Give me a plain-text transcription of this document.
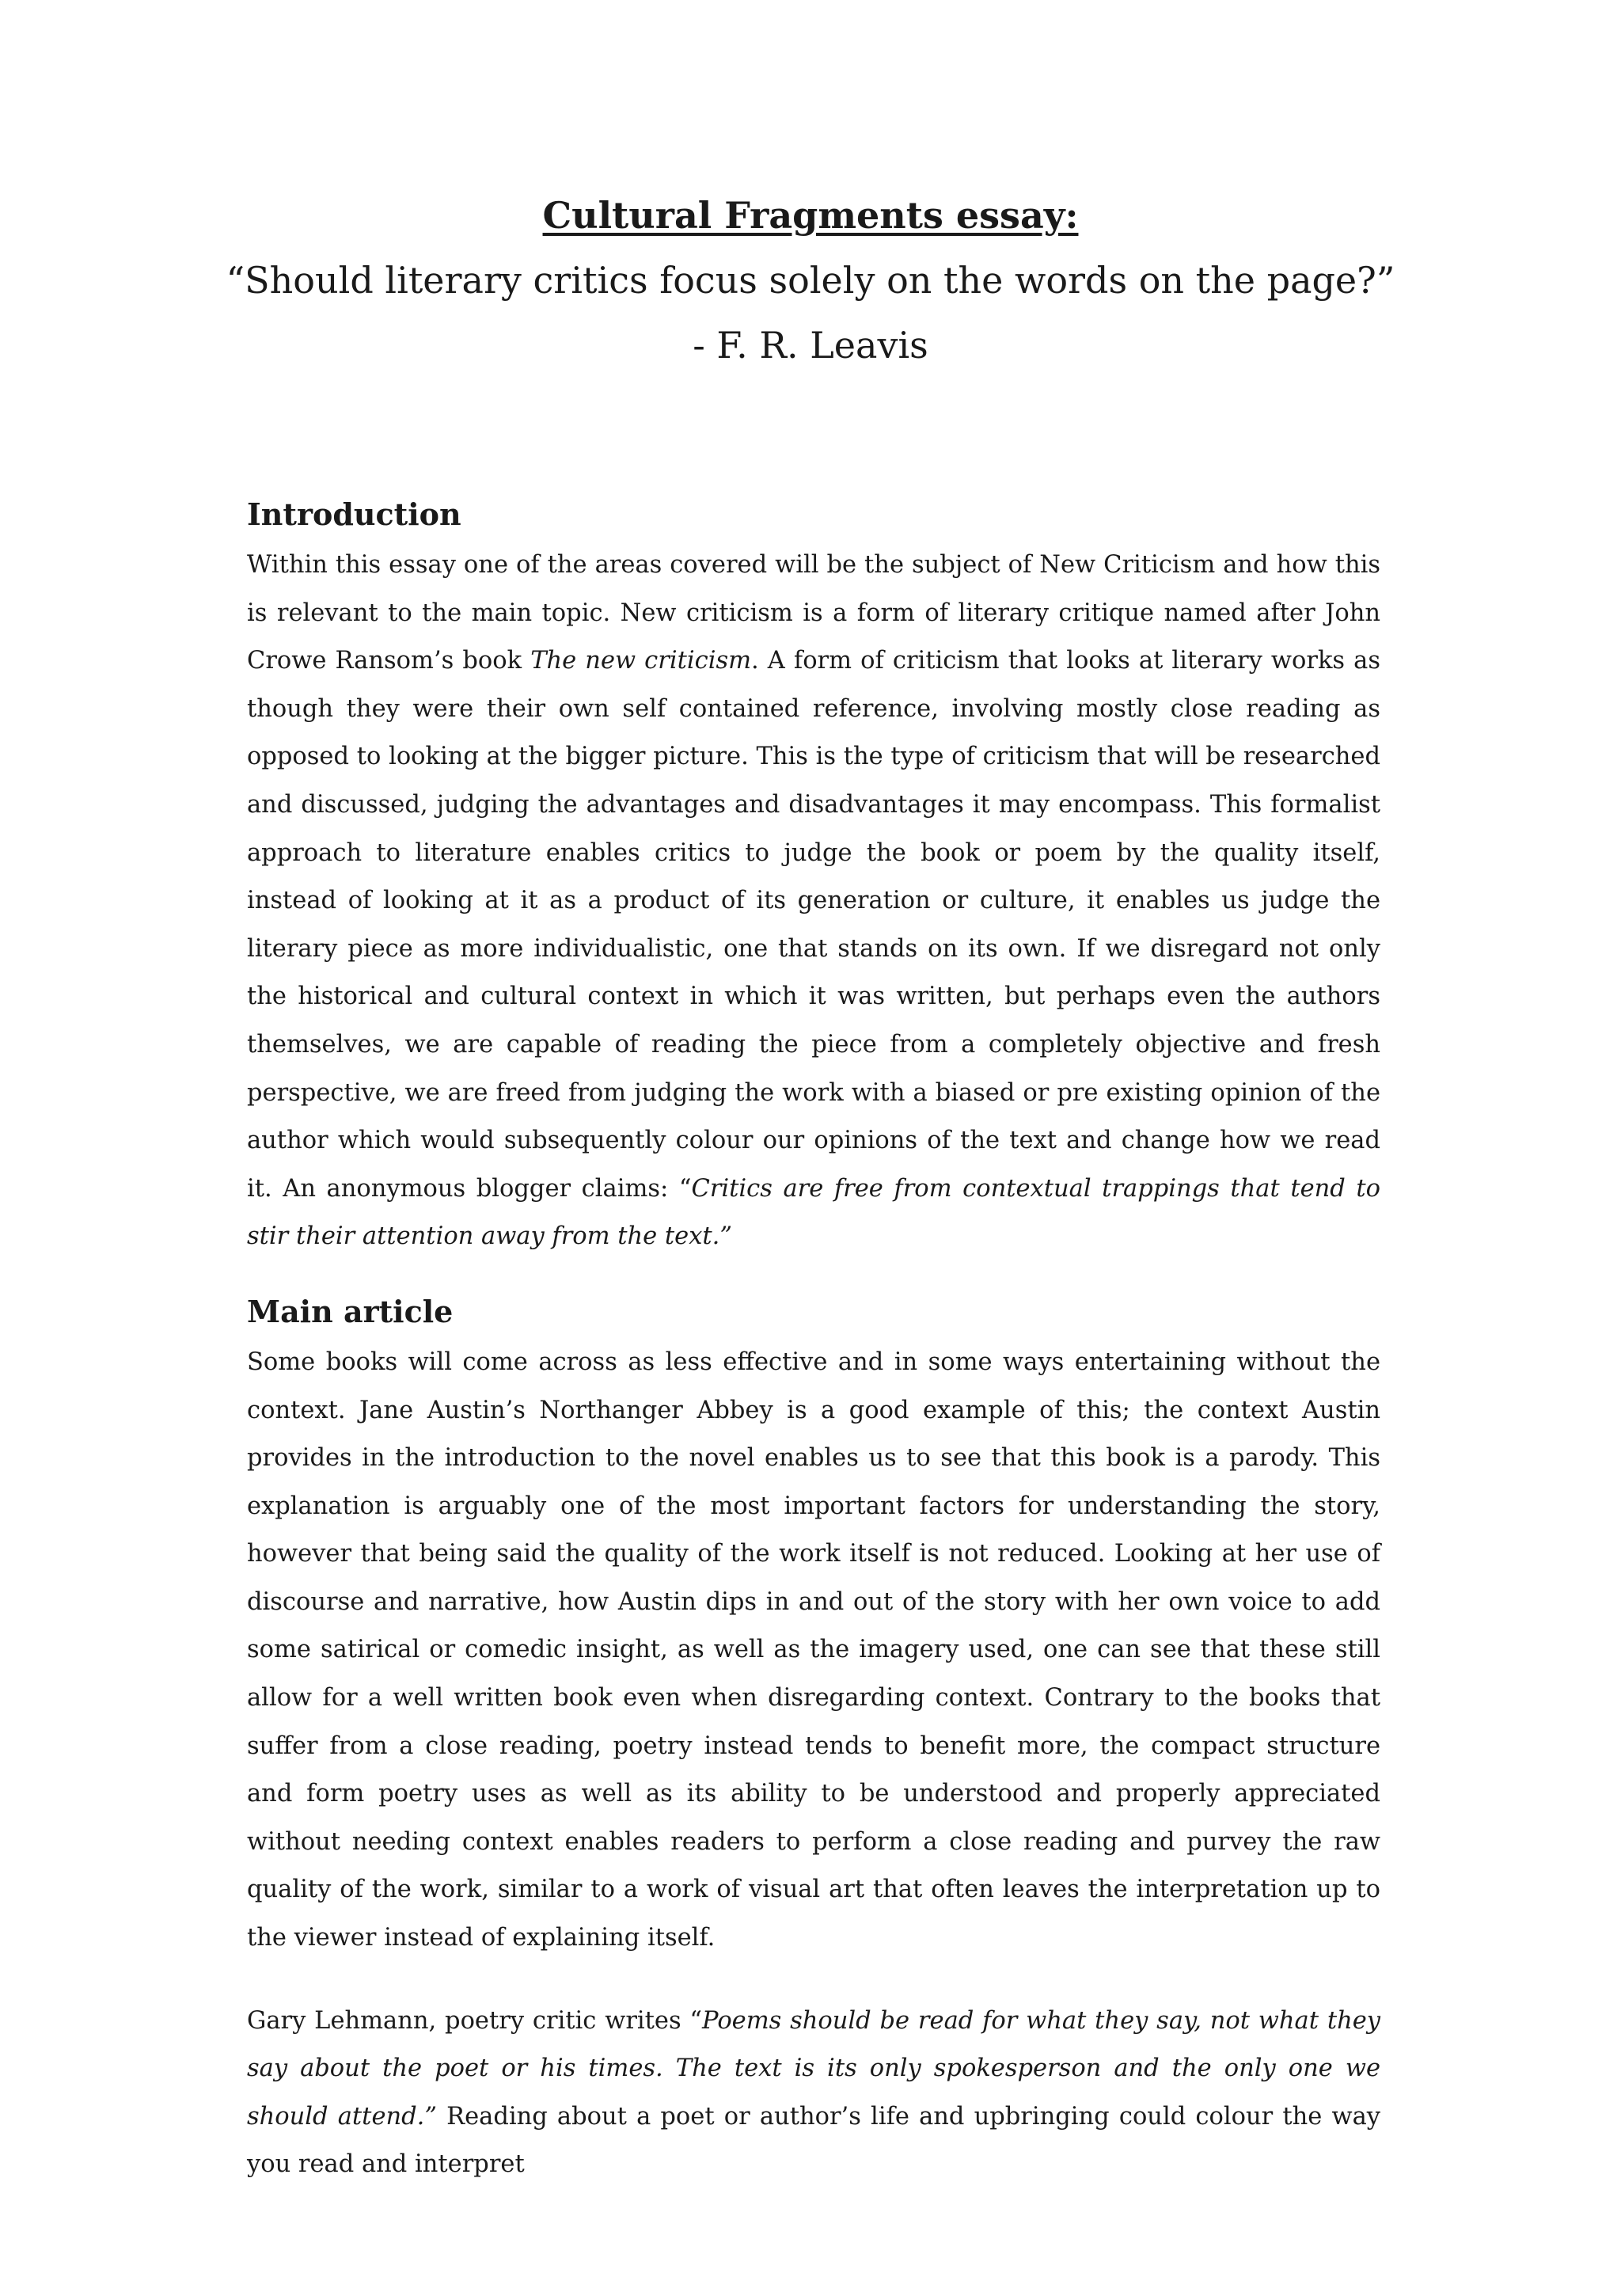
Cultural Fragments essay:

“Should literary critics focus solely on the words on the page?”

- F. R. Leavis

Introduction

Within this essay one of the areas covered will be the subject of New Criticism and how this is relevant to the main topic. New criticism is a form of literary critique named after John Crowe Ransom’s book The new criticism. A form of criticism that looks at literary works as though they were their own self contained reference, involving mostly close reading as opposed to looking at the bigger picture. This is the type of criticism that will be researched and discussed, judging the advantages and disadvantages it may encompass. This formalist approach to literature enables critics to judge the book or poem by the quality itself, instead of looking at it as a product of its generation or culture, it enables us judge the literary piece as more individualistic, one that stands on its own. If we disregard not only the historical and cultural context in which it was written, but perhaps even the authors themselves, we are capable of reading the piece from a completely objective and fresh perspective, we are freed from judging the work with a biased or pre existing opinion of the author which would subsequently colour our opinions of the text and change how we read it. An anonymous blogger claims: “Critics are free from contextual trappings that tend to stir their attention away from the text.”

Main article

Some books will come across as less effective and in some ways entertaining without the context. Jane Austin’s Northanger Abbey is a good example of this; the context Austin provides in the introduction to the novel enables us to see that this book is a parody. This explanation is arguably one of the most important factors for understanding the story, however that being said the quality of the work itself is not reduced. Looking at her use of discourse and narrative, how Austin dips in and out of the story with her own voice to add some satirical or comedic insight, as well as the imagery used, one can see that these still allow for a well written book even when disregarding context. Contrary to the books that suffer from a close reading, poetry instead tends to benefit more, the compact structure and form poetry uses as well as its ability to be understood and properly appreciated without needing context enables readers to perform a close reading and purvey the raw quality of the work, similar to a work of visual art that often leaves the interpretation up to the viewer instead of explaining itself.

Gary Lehmann, poetry critic writes “Poems should be read for what they say, not what they say about the poet or his times. The text is its only spokesperson and the only one we should attend.” Reading about a poet or author’s life and upbringing could colour the way you read and interpret
